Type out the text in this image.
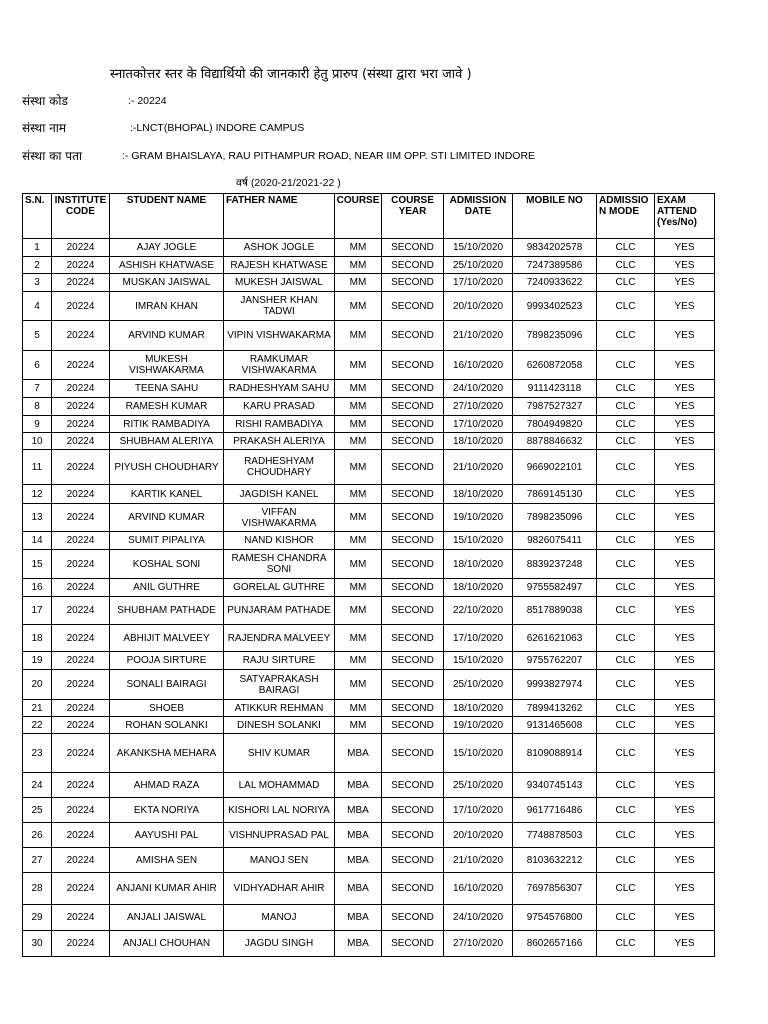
स्नातकोत्तर स्तर के विद्यार्थियो की जानकारी हेतु प्रारुप (संस्था द्वारा भरा जावे )
संस्था कोड	:- 20224
संस्था नाम	:-LNCT(BHOPAL) INDORE CAMPUS
संस्था का पता	:- GRAM BHAISLAYA, RAU PITHAMPUR ROAD, NEAR IIM OPP. STI LIMITED INDORE
वर्ष (2020-21/2021-22 )
S.N.	INSTITUTE CODE	STUDENT NAME	FATHER NAME	COURSE	COURSE YEAR	ADMISSION DATE	MOBILE NO	ADMISSIO N MODE	EXAM ATTEND (Yes/No)
1	20224	AJAY JOGLE	ASHOK JOGLE	MM	SECOND	15/10/2020	9834202578	CLC	YES
2	20224	ASHISH KHATWASE	RAJESH KHATWASE	MM	SECOND	25/10/2020	7247389586	CLC	YES
3	20224	MUSKAN JAISWAL	MUKESH JAISWAL	MM	SECOND	17/10/2020	7240933622	CLC	YES
4	20224	IMRAN KHAN	JANSHER KHAN TADWI	MM	SECOND	20/10/2020	9993402523	CLC	YES
5	20224	ARVIND KUMAR	VIPIN VISHWAKARMA	MM	SECOND	21/10/2020	7898235096	CLC	YES
6	20224	MUKESH VISHWAKARMA	RAMKUMAR VISHWAKARMA	MM	SECOND	16/10/2020	6260872058	CLC	YES
7	20224	TEENA SAHU	RADHESHYAM SAHU	MM	SECOND	24/10/2020	9111423118	CLC	YES
8	20224	RAMESH KUMAR	KARU PRASAD	MM	SECOND	27/10/2020	7987527327	CLC	YES
9	20224	RITIK RAMBADIYA	RISHI RAMBADIYA	MM	SECOND	17/10/2020	7804949820	CLC	YES
10	20224	SHUBHAM ALERIYA	PRAKASH ALERIYA	MM	SECOND	18/10/2020	8878846632	CLC	YES
11	20224	PIYUSH CHOUDHARY	RADHESHYAM CHOUDHARY	MM	SECOND	21/10/2020	9669022101	CLC	YES
12	20224	KARTIK KANEL	JAGDISH KANEL	MM	SECOND	18/10/2020	7869145130	CLC	YES
13	20224	ARVIND KUMAR	VIFFAN VISHWAKARMA	MM	SECOND	19/10/2020	7898235096	CLC	YES
14	20224	SUMIT PIPALIYA	NAND KISHOR	MM	SECOND	15/10/2020	9826075411	CLC	YES
15	20224	KOSHAL SONI	RAMESH CHANDRA SONI	MM	SECOND	18/10/2020	8839237248	CLC	YES
16	20224	ANIL GUTHRE	GORELAL GUTHRE	MM	SECOND	18/10/2020	9755582497	CLC	YES
17	20224	SHUBHAM PATHADE	PUNJARAM PATHADE	MM	SECOND	22/10/2020	8517889038	CLC	YES
18	20224	ABHIJIT MALVEEY	RAJENDRA MALVEEY	MM	SECOND	17/10/2020	6261621063	CLC	YES
19	20224	POOJA SIRTURE	RAJU SIRTURE	MM	SECOND	15/10/2020	9755762207	CLC	YES
20	20224	SONALI BAIRAGI	SATYAPRAKASH BAIRAGI	MM	SECOND	25/10/2020	9993827974	CLC	YES
21	20224	SHOEB	ATIKKUR REHMAN	MM	SECOND	18/10/2020	7899413262	CLC	YES
22	20224	ROHAN SOLANKI	DINESH SOLANKI	MM	SECOND	19/10/2020	9131465608	CLC	YES
23	20224	AKANKSHA MEHARA	SHIV KUMAR	MBA	SECOND	15/10/2020	8109088914	CLC	YES
24	20224	AHMAD RAZA	LAL MOHAMMAD	MBA	SECOND	25/10/2020	9340745143	CLC	YES
25	20224	EKTA NORIYA	KISHORI LAL NORIYA	MBA	SECOND	17/10/2020	9617716486	CLC	YES
26	20224	AAYUSHI PAL	VISHNUPRASAD PAL	MBA	SECOND	20/10/2020	7748878503	CLC	YES
27	20224	AMISHA SEN	MANOJ SEN	MBA	SECOND	21/10/2020	8103632212	CLC	YES
28	20224	ANJANI KUMAR AHIR	VIDHYADHAR AHIR	MBA	SECOND	16/10/2020	7697856307	CLC	YES
29	20224	ANJALI JAISWAL	MANOJ	MBA	SECOND	24/10/2020	9754576800	CLC	YES
30	20224	ANJALI CHOUHAN	JAGDU SINGH	MBA	SECOND	27/10/2020	8602657166	CLC	YES
